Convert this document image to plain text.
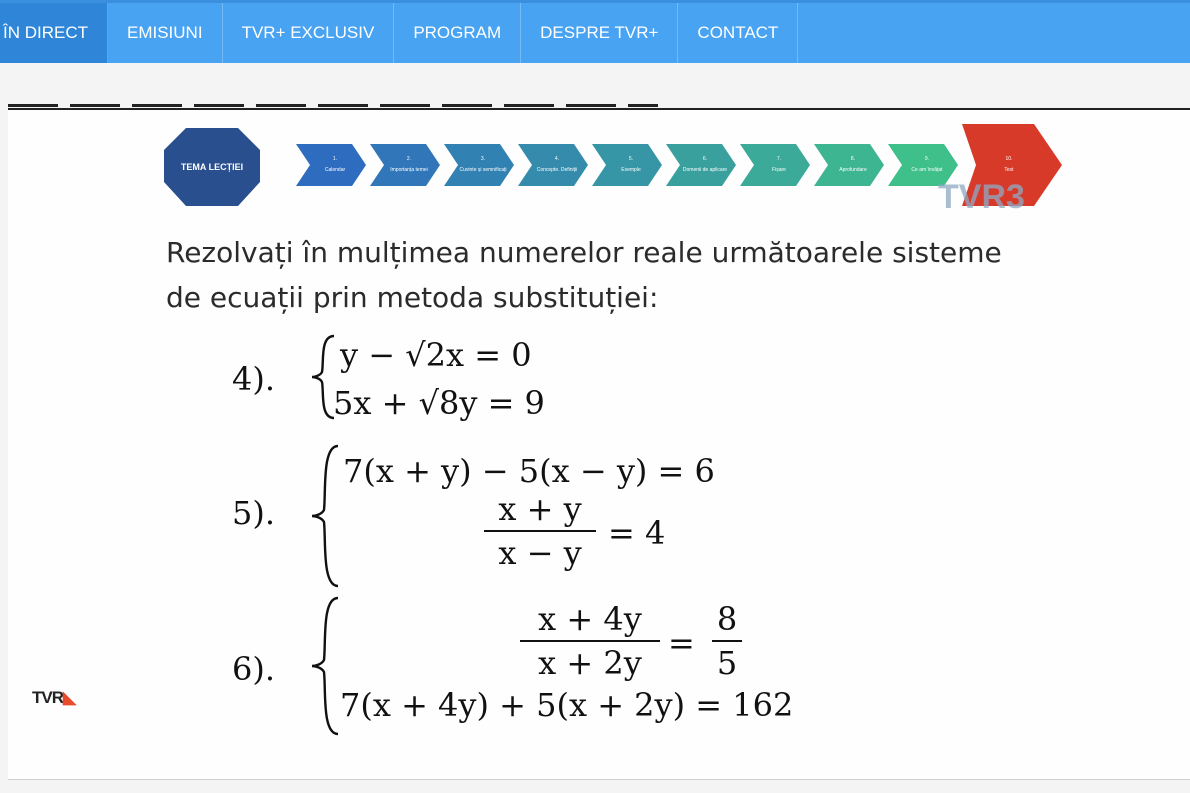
ÎN DIRECT	EMISIUNI	TVR+ EXCLUSIV	PROGRAM	DESPRE TVR+	CONTACT
TEMA LECȚIEI
1.
Calendar
2.
Importanța temei
3.
Cuvinte și semnificați
4.
Concepte. Definiții
5.
Exemple
6.
Domenii de aplicare
7.
Fișare
8.
Aprofundare
9.
Ce am învățat
10.
Test
TVR3
Rezolvați în mulțimea numerelor reale următoarele sisteme
de ecuații prin metoda substituției:
4).
y − √2x = 0
5x + √8y = 9
5).
7(x + y) − 5(x − y) = 6
x + y
x − y
= 4
6).
x + 4y
x + 2y
=
8
5
7(x + 4y) + 5(x + 2y) = 162
TVR◣
